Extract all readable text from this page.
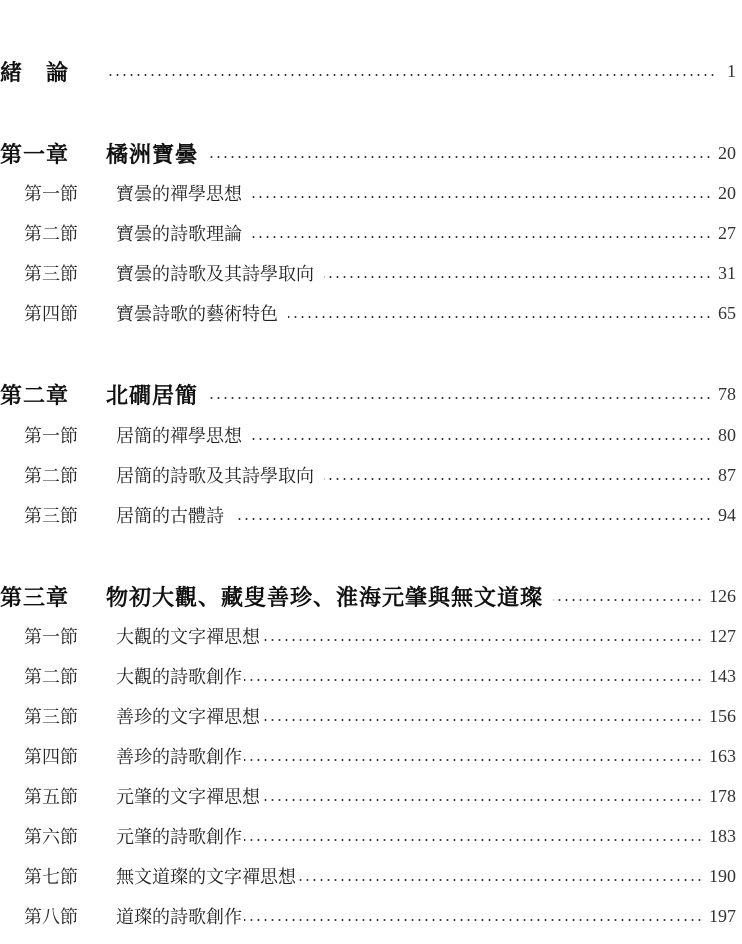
緒　論	1
第一章	橘洲寶曇	20
第一節	寶曇的禪學思想	20
第二節	寶曇的詩歌理論	27
第三節	寶曇的詩歌及其詩學取向	31
第四節	寶曇詩歌的藝術特色	65
第二章	北磵居簡	78
第一節	居簡的禪學思想	80
第二節	居簡的詩歌及其詩學取向	87
第三節	居簡的古體詩	94
第三章	物初大觀、藏叟善珍、淮海元肇與無文道璨	126
第一節	大觀的文字禪思想	127
第二節	大觀的詩歌創作	143
第三節	善珍的文字禪思想	156
第四節	善珍的詩歌創作	163
第五節	元肇的文字禪思想	178
第六節	元肇的詩歌創作	183
第七節	無文道璨的文字禪思想	190
第八節	道璨的詩歌創作	197
